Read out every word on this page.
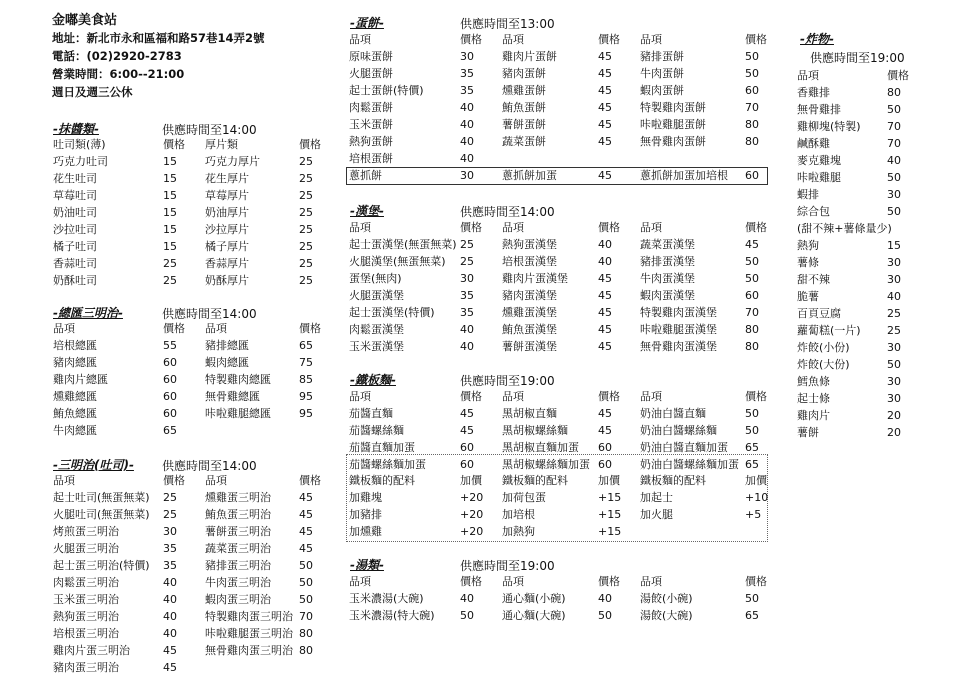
金嘟美食站
地址：新北市永和區福和路57巷14弄2號
電話：(02)2920-2783
營業時間：6:00--21:00
週日及週三公休
-抹醬類-	供應時間至14:00
吐司類(薄)	價格 厚片類	價格
巧克力吐司	15	巧克力厚片	25
花生吐司	15	花生厚片	25
草莓吐司	15	草莓厚片	25
奶油吐司	15	奶油厚片	25
沙拉吐司	15	沙拉厚片	25
橘子吐司	15	橘子厚片	25
香蒜吐司	25	香蒜厚片	25
奶酥吐司	25	奶酥厚片	25
-總匯三明治-	供應時間至14:00
品項	價格 品項	價格
培根總匯	55	豬排總匯	65
豬肉總匯	60	蝦肉總匯	75
雞肉片總匯	60	特製雞肉總匯	85
燻雞總匯	60	無骨雞總匯	95
鮪魚總匯	60	咔啦雞腿總匯	95
牛肉總匯	65
-三明治(吐司)- 供應時間至14:00
品項	價格 品項	價格
起士吐司(無蛋無菜) 25	燻雞蛋三明治	45
火腿吐司(無蛋無菜) 25	鮪魚蛋三明治	45
烤煎蛋三明治	30	薯餅蛋三明治	45
火腿蛋三明治	35	蔬菜蛋三明治	45
起士蛋三明治(特價) 35	豬排蛋三明治	50
肉鬆蛋三明治	40	牛肉蛋三明治	50
玉米蛋三明治	40	蝦肉蛋三明治	50
熱狗蛋三明治	40	特製雞肉蛋三明治 70
培根蛋三明治	40	咔啦雞腿蛋三明治 80
雞肉片蛋三明治	45	無骨雞肉蛋三明治 80
豬肉蛋三明治	45
-蛋餅-	供應時間至13:00
品項	價格 品項	價格 品項	價格
原味蛋餅	30	雞肉片蛋餅	45	豬排蛋餅	50
火腿蛋餅	35	豬肉蛋餅	45	牛肉蛋餅	50
起士蛋餅(特價)	35	燻雞蛋餅	45	蝦肉蛋餅	60
肉鬆蛋餅	40	鮪魚蛋餅	45	特製雞肉蛋餅	70
玉米蛋餅	40	薯餅蛋餅	45	咔啦雞腿蛋餅	80
熱狗蛋餅	40	蔬菜蛋餅	45	無骨雞肉蛋餅	80
培根蛋餅	40
蔥抓餅	30	蔥抓餅加蛋	45	蔥抓餅加蛋加培根 60
-漢堡-	供應時間至14:00
品項	價格 品項	價格 品項	價格
起士蛋漢堡(無蛋無菜) 25	熱狗蛋漢堡	40	蔬菜蛋漢堡	45
火腿漢堡(無蛋無菜) 25	培根蛋漢堡	40	豬排蛋漢堡	50
蛋堡(無肉)	30	雞肉片蛋漢堡	45	牛肉蛋漢堡	50
火腿蛋漢堡	35	豬肉蛋漢堡	45	蝦肉蛋漢堡	60
起士蛋漢堡(特價) 35	燻雞蛋漢堡	45	特製雞肉蛋漢堡	70
肉鬆蛋漢堡	40	鮪魚蛋漢堡	45	咔啦雞腿蛋漢堡	80
玉米蛋漢堡	40	薯餅蛋漢堡	45	無骨雞肉蛋漢堡	80
-鐵板麵-	供應時間至19:00
品項	價格 品項	價格 品項	價格
茄醬直麵	45	黑胡椒直麵	45	奶油白醬直麵	50
茄醬螺絲麵	45	黑胡椒螺絲麵	45	奶油白醬螺絲麵	50
茄醬直麵加蛋	60	黑胡椒直麵加蛋 60	奶油白醬直麵加蛋 65
茄醬螺絲麵加蛋	60	黑胡椒螺絲麵加蛋 60	奶油白醬螺絲麵加蛋 65
鐵板麵的配料	加價 鐵板麵的配料	加價 鐵板麵的配料	加價
加雞塊	+20 加荷包蛋	+15 加起士	+10
加豬排	+20 加培根	+15 加火腿	+5
加燻雞	+20 加熱狗	+15
-湯類-	供應時間至19:00
品項	價格 品項	價格 品項	價格
玉米濃湯(大碗)	40	通心麵(小碗)	40	湯餃(小碗)	50
玉米濃湯(特大碗) 50	通心麵(大碗)	50	湯餃(大碗)	65
-炸物-
供應時間至19:00
品項	價格
香雞排	80
無骨雞排	50
雞柳塊(特製) 70
鹹酥雞	70
麥克雞塊	40
咔啦雞腿	50
蝦排	30
綜合包	50
(甜不辣+薯條量少)
熱狗	15
薯條	30
甜不辣	30
脆薯	40
百頁豆腐	25
蘿蔔糕(一片) 25
炸餃(小份)	30
炸餃(大份)	50
鱈魚條	30
起士條	30
雞肉片	20
薯餅	20
